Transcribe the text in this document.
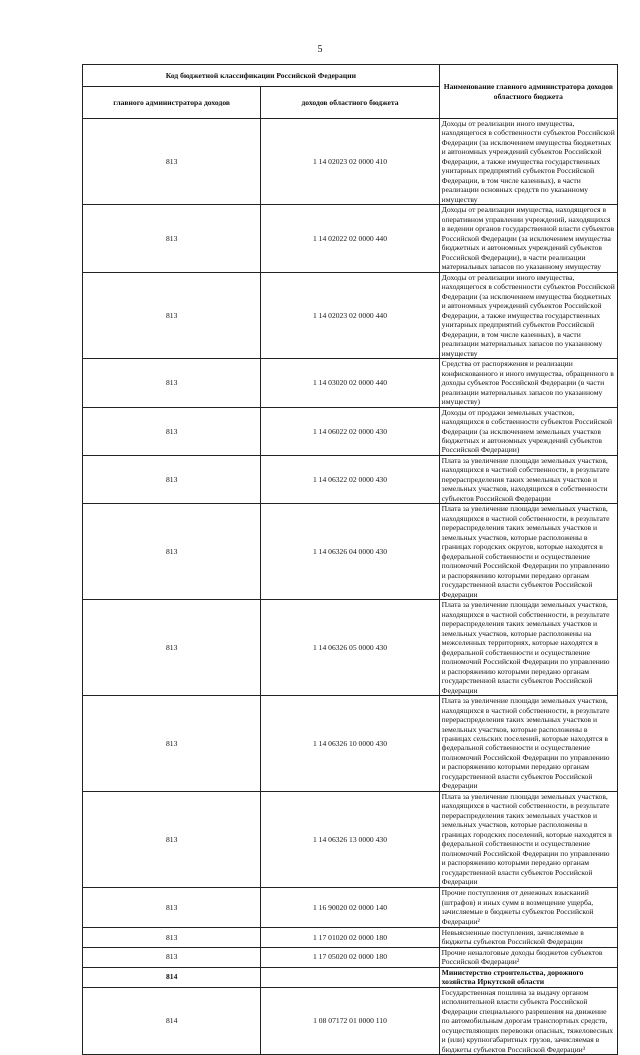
5
Код бюджетной классификации Российской Федерации		Наименование главного администратора доходов областного бюджета
главного администратора доходов	доходов областного бюджета	
813	1 14 02023 02 0000 410	Доходы от реализации иного имущества, находящегося в собственности субъектов Российской Федерации (за исключением имущества бюджетных и автономных учреждений субъектов Российской Федерации, а также имущества государственных унитарных предприятий субъектов Российской Федерации, в том числе казенных), в части реализации основных средств по указанному имуществу
813	1 14 02022 02 0000 440	Доходы от реализации имущества, находящегося в оперативном управлении учреждений, находящихся в ведении органов государственной власти субъектов Российской Федерации (за исключением имущества бюджетных и автономных учреждений субъектов Российской Федерации), в части реализации материальных запасов по указанному имуществу
813	1 14 02023 02 0000 440	Доходы от реализации иного имущества, находящегося в собственности субъектов Российской Федерации (за исключением имущества бюджетных и автономных учреждений субъектов Российской Федерации, а также имущества государственных унитарных предприятий субъектов Российской Федерации, в том числе казенных), в части реализации материальных запасов по указанному имуществу
813	1 14 03020 02 0000 440	Средства от распоряжения и реализации конфискованного и иного имущества, обращенного в доходы субъектов Российской Федерации (в части реализации материальных запасов по указанному имуществу)
813	1 14 06022 02 0000 430	Доходы от продажи земельных участков, находящихся в собственности субъектов Российской Федерации (за исключением земельных участков бюджетных и автономных учреждений субъектов Российской Федерации)
813	1 14 06322 02 0000 430	Плата за увеличение площади земельных участков, находящихся в частной собственности, в результате перераспределения таких земельных участков и земельных участков, находящихся в собственности субъектов Российской Федерации
813	1 14 06326 04 0000 430	Плата за увеличение площади земельных участков, находящихся в частной собственности, в результате перераспределения таких земельных участков и земельных участков, которые расположены в границах городских округов, которые находятся в федеральной собственности и осуществление полномочий Российской Федерации по управлению и распоряжению которыми передано органам государственной власти субъектов Российской Федерации
813	1 14 06326 05 0000 430	Плата за увеличение площади земельных участков, находящихся в частной собственности, в результате перераспределения таких земельных участков и земельных участков, которые расположены на межселенных территориях, которые находятся в федеральной собственности и осуществление полномочий Российской Федерации по управлению и распоряжению которыми передано органам государственной власти субъектов Российской Федерации
813	1 14 06326 10 0000 430	Плата за увеличение площади земельных участков, находящихся в частной собственности, в результате перераспределения таких земельных участков и земельных участков, которые расположены в границах сельских поселений, которые находятся в федеральной собственности и осуществление полномочий Российской Федерации по управлению и распоряжению которыми передано органам государственной власти субъектов Российской Федерации
813	1 14 06326 13 0000 430	Плата за увеличение площади земельных участков, находящихся в частной собственности, в результате перераспределения таких земельных участков и земельных участков, которые расположены в границах городских поселений, которые находятся в федеральной собственности и осуществление полномочий Российской Федерации по управлению и распоряжению которыми передано органам государственной власти субъектов Российской Федерации
813	1 16 90020 02 0000 140	Прочие поступления от денежных взысканий (штрафов) и иных сумм в возмещение ущерба, зачисляемые в бюджеты субъектов Российской Федерации²
813	1 17 01020 02 0000 180	Невыясненные поступления, зачисляемые в бюджеты субъектов Российской Федерации
813	1 17 05020 02 0000 180	Прочие неналоговые доходы бюджетов субъектов Российской Федерации²
814		Министерство строительства, дорожного хозяйства Иркутской области
814	1 08 07172 01 0000 110	Государственная пошлина за выдачу органом исполнительной власти субъекта Российской Федерации специального разрешения на движение по автомобильным дорогам транспортных средств, осуществляющих перевозки опасных, тяжеловесных и (или) крупногабаритных грузов, зачисляемая в бюджеты субъектов Российской Федерации³
